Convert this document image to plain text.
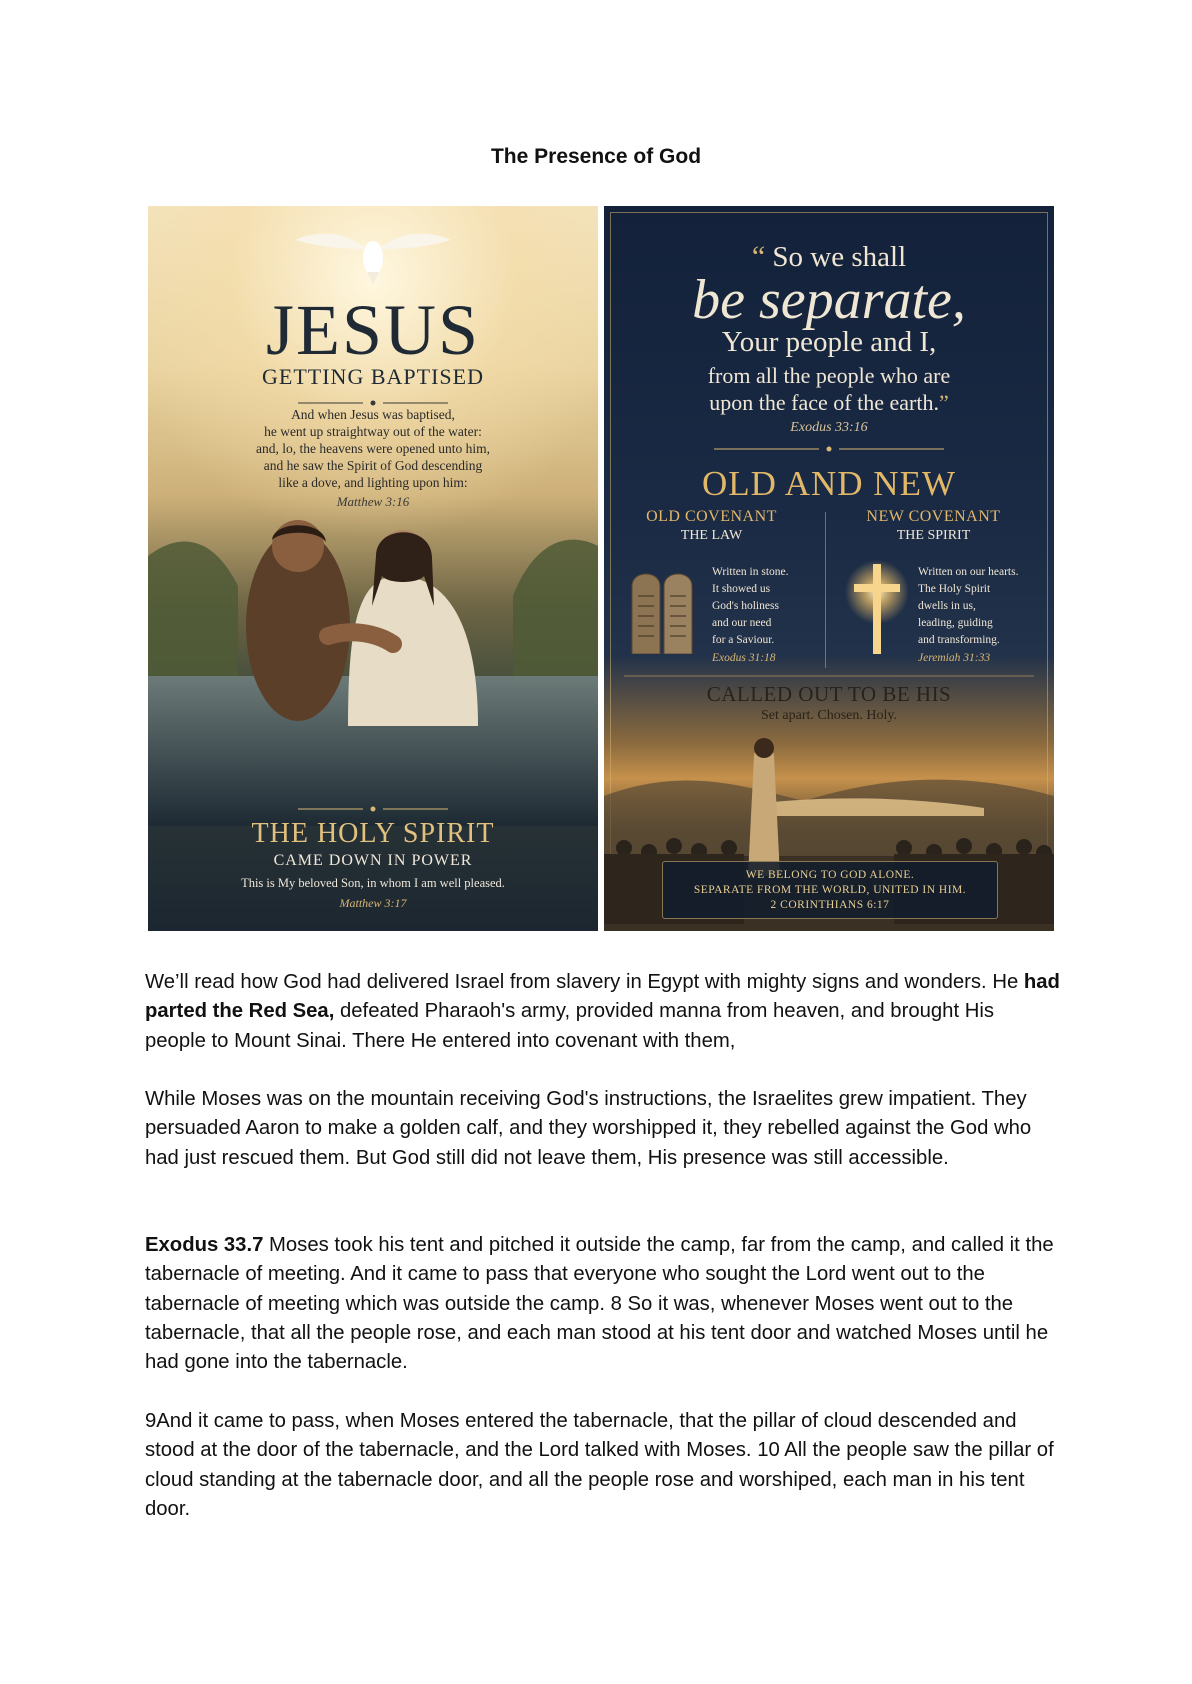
The Presence of God
JESUS
GETTING BAPTISED
And when Jesus was baptised,
he went up straightway out of the water:
and, lo, the heavens were opened unto him,
and he saw the Spirit of God descending
like a dove, and lighting upon him:
Matthew 3:16
THE HOLY SPIRIT
CAME DOWN IN POWER
This is My beloved Son, in whom I am well pleased.
Matthew 3:17
“ So we shall
be separate,
Your people and I,
from all the people who are
upon the face of the earth.”
Exodus 33:16
OLD AND NEW
OLD COVENANT
THE LAW
Written in stone.
It showed us
God's holiness
and our need
for a Saviour.
Exodus 31:18
NEW COVENANT
THE SPIRIT
Written on our hearts.
The Holy Spirit
dwells in us,
leading, guiding
and transforming.
Jeremiah 31:33
CALLED OUT TO BE HIS
Set apart. Chosen. Holy.
WE BELONG TO GOD ALONE.
SEPARATE FROM THE WORLD, UNITED IN HIM.
2 CORINTHIANS 6:17

We’ll read how God had delivered Israel from slavery in Egypt with mighty signs and wonders. He had parted the Red Sea, defeated Pharaoh's army, provided manna from heaven, and brought His people to Mount Sinai. There He entered into covenant with them,

While Moses was on the mountain receiving God's instructions, the Israelites grew impatient. They persuaded Aaron to make a golden calf, and they worshipped it, they rebelled against the God who had just rescued them. But God still did not leave them, His presence was still accessible.

Exodus 33.7 Moses took his tent and pitched it outside the camp, far from the camp, and called it the tabernacle of meeting. And it came to pass that everyone who sought the Lord went out to the tabernacle of meeting which was outside the camp. 8 So it was, whenever Moses went out to the tabernacle, that all the people rose, and each man stood at his tent door and watched Moses until he had gone into the tabernacle.

9And it came to pass, when Moses entered the tabernacle, that the pillar of cloud descended and stood at the door of the tabernacle, and the Lord talked with Moses. 10 All the people saw the pillar of cloud standing at the tabernacle door, and all the people rose and worshiped, each man in his tent door.
